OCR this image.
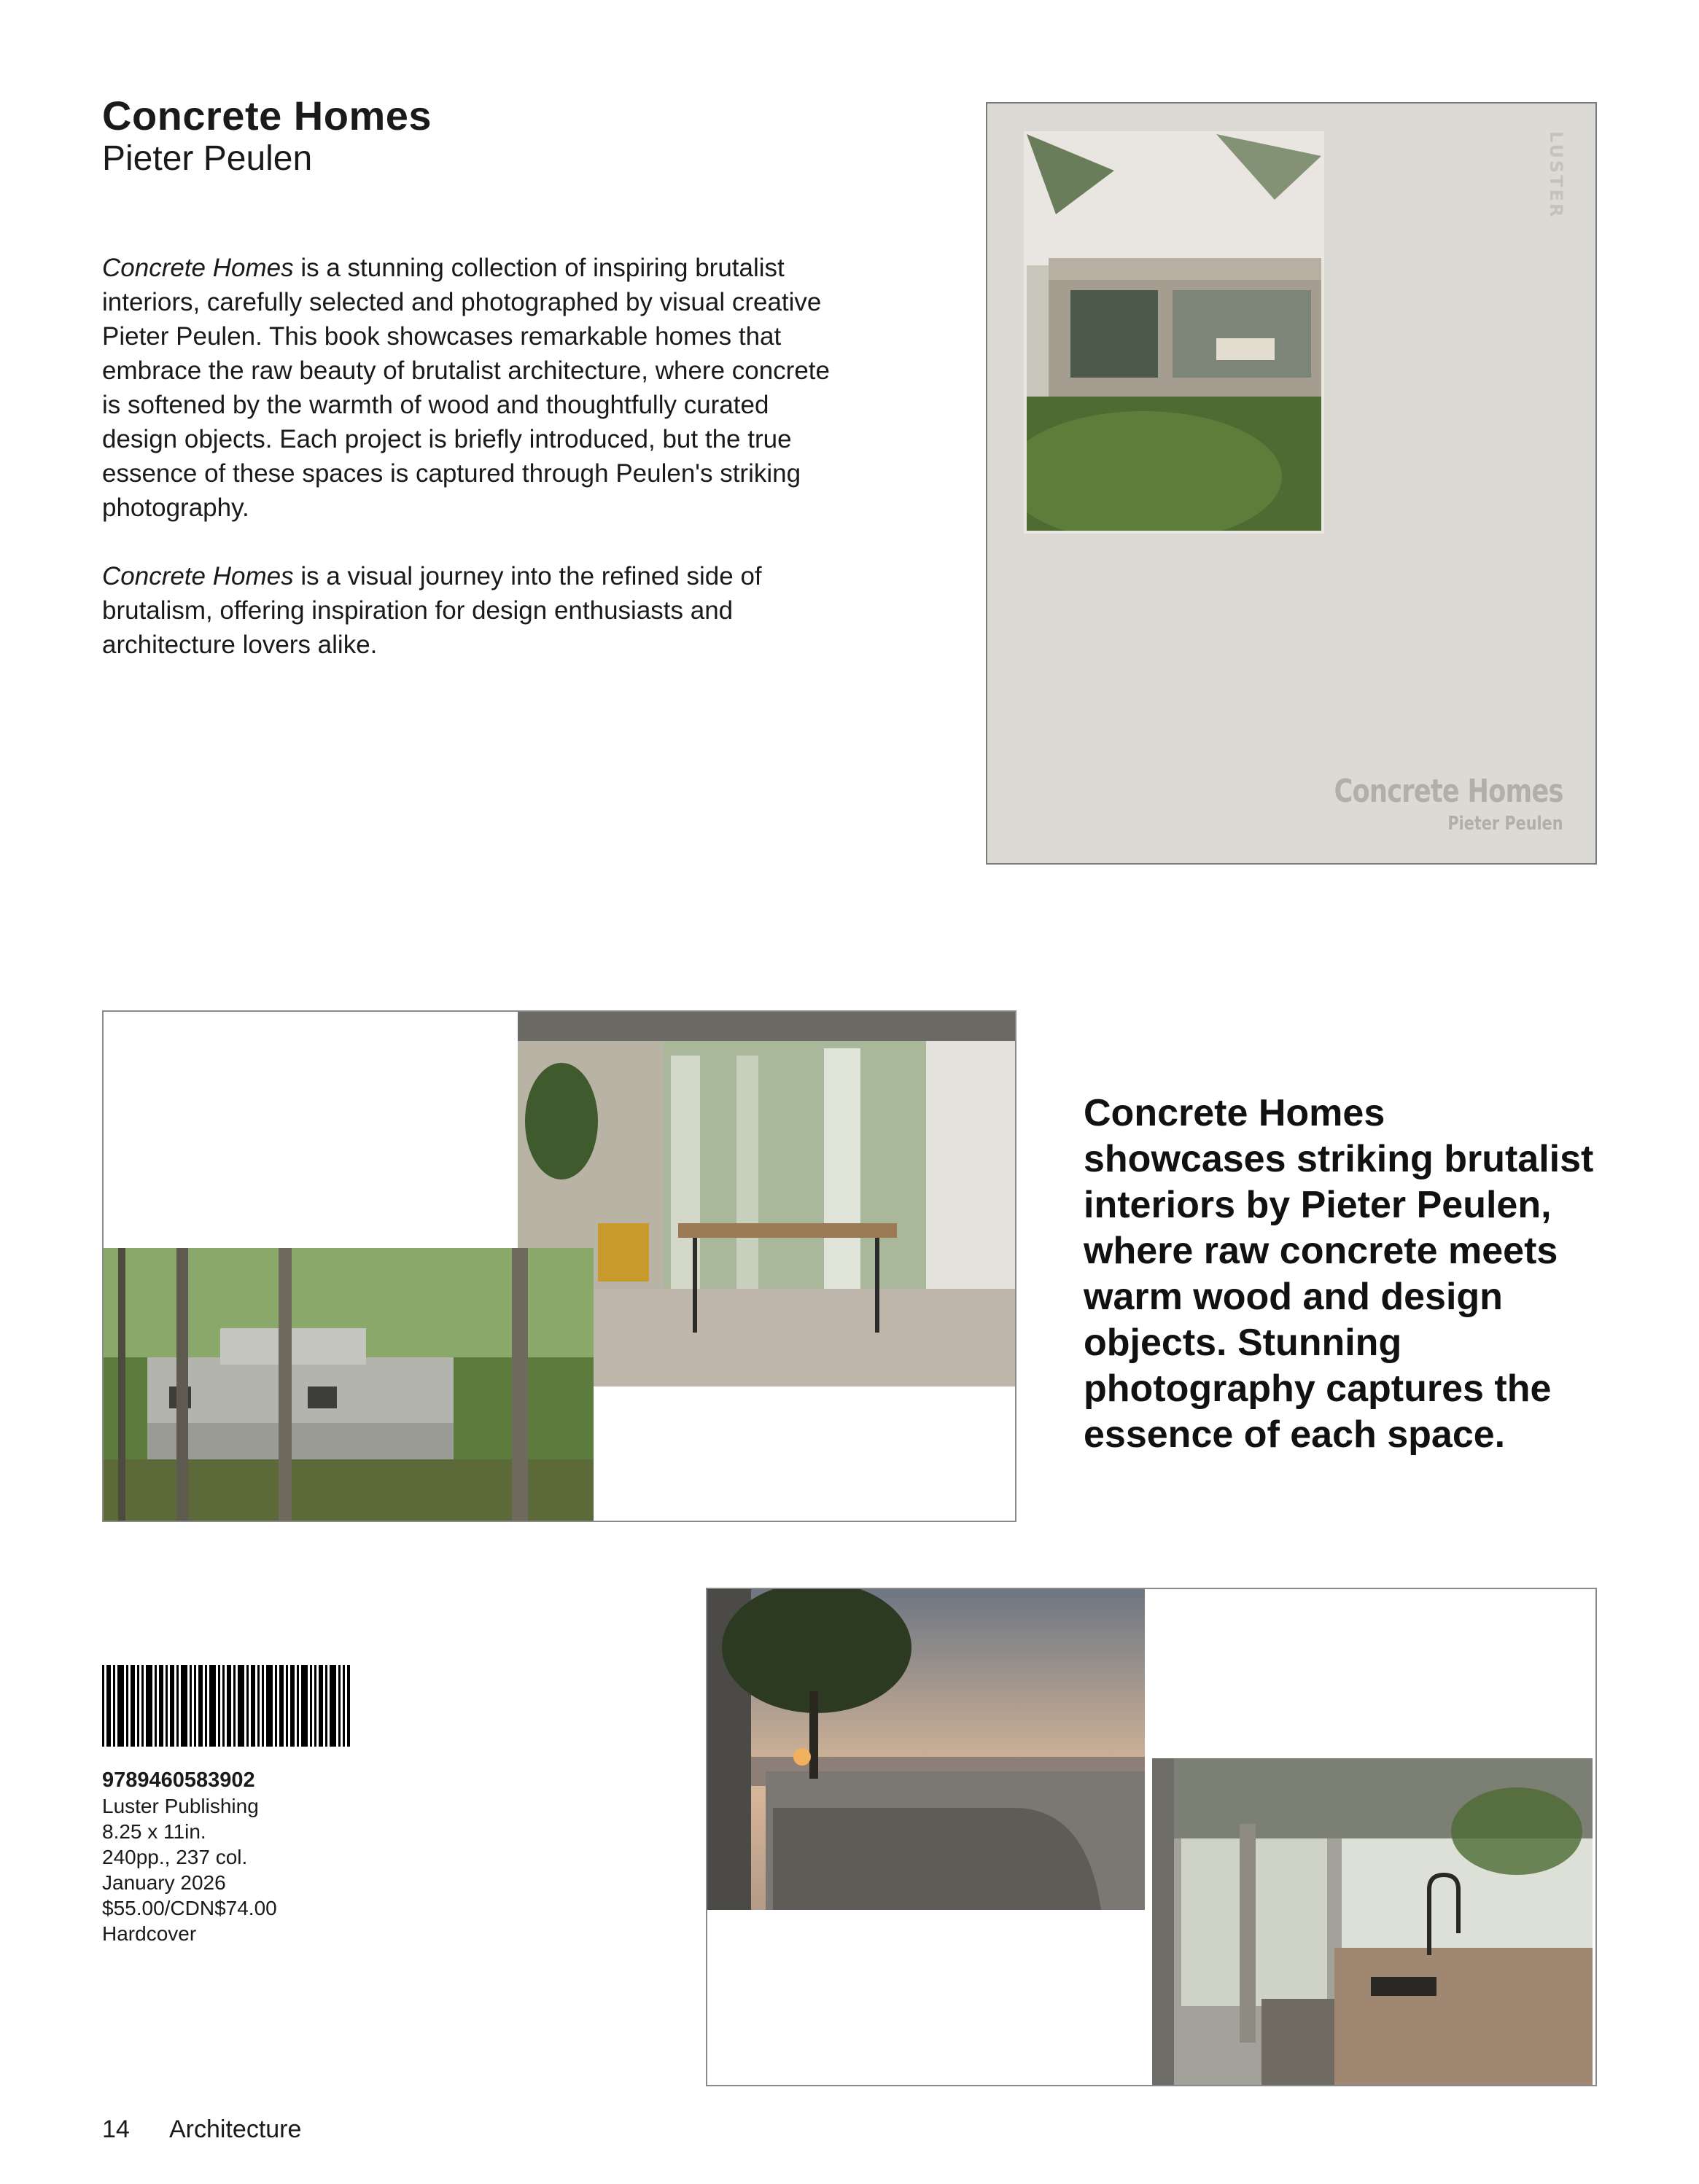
Concrete Homes
Pieter Peulen

Concrete Homes is a stunning collection of inspiring brutalist interiors, carefully selected and photographed by visual creative Pieter Peulen. This book showcases remarkable homes that embrace the raw beauty of brutalist architecture, where concrete is softened by the warmth of wood and thoughtfully curated design objects. Each project is briefly introduced, but the true essence of these spaces is captured through Peulen's striking photography.

Concrete Homes is a visual journey into the refined side of brutalism, offering inspiration for design enthusiasts and architecture lovers alike.

LUSTER
Concrete Homes
Pieter Peulen
Concrete Homes showcases striking brutalist interiors by Pieter Peulen, where raw concrete meets warm wood and design objects. Stunning photography captures the essence of each space.
9789460583902
Luster Publishing
8.25 x 11in.
240pp., 237 col.
January 2026
$55.00/CDN$74.00
Hardcover
14 Architecture
